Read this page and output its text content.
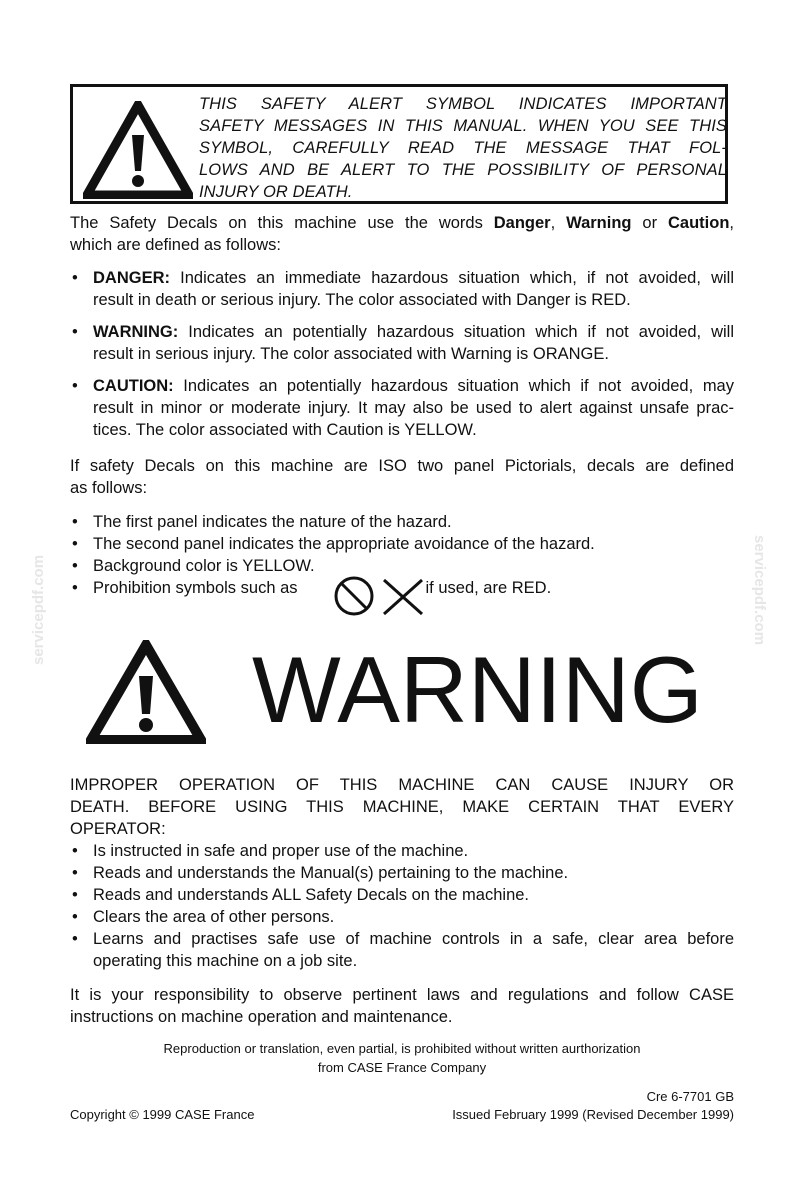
THIS SAFETY ALERT SYMBOL INDICATES IMPORTANT

SAFETY MESSAGES IN THIS MANUAL. WHEN YOU SEE THIS

SYMBOL, CAREFULLY READ THE MESSAGE THAT FOL-

LOWS AND BE ALERT TO THE POSSIBILITY OF PERSONAL

INJURY OR DEATH.

The Safety Decals on this machine use the words Danger, Warning or Caution,

which are defined as follows:

• DANGER: Indicates an immediate hazardous situation which, if not avoided, will

result in death or serious injury. The color associated with Danger is RED.

• WARNING: Indicates an potentially hazardous situation which if not avoided, will

result in serious injury. The color associated with Warning is ORANGE.

• CAUTION: Indicates an potentially hazardous situation which if not avoided, may

result in minor or moderate injury. It may also be used to alert against unsafe prac-

tices. The color associated with Caution is YELLOW.

If safety Decals on this machine are ISO two panel Pictorials, decals are defined

as follows:

• The first panel indicates the nature of the hazard.

• The second panel indicates the appropriate avoidance of the hazard.

• Background color is YELLOW.

• Prohibition symbols such as	if used, are RED.

servicepdf.com	servicepdf.com
WARNING

IMPROPER OPERATION OF THIS MACHINE CAN CAUSE INJURY OR

DEATH. BEFORE USING THIS MACHINE, MAKE CERTAIN THAT EVERY

OPERATOR:

• Is instructed in safe and proper use of the machine.

• Reads and understands the Manual(s) pertaining to the machine.

• Reads and understands ALL Safety Decals on the machine.

• Clears the area of other persons.

• Learns and practises safe use of machine controls in a safe, clear area before

operating this machine on a job site.

It is your responsibility to observe pertinent laws and regulations and follow CASE

instructions on machine operation and maintenance.

Reproduction or translation, even partial, is prohibited without written aurthorization
from CASE France Company
Cre 6-7701 GB
Copyright © 1999 CASE France	Issued February 1999 (Revised December 1999)
